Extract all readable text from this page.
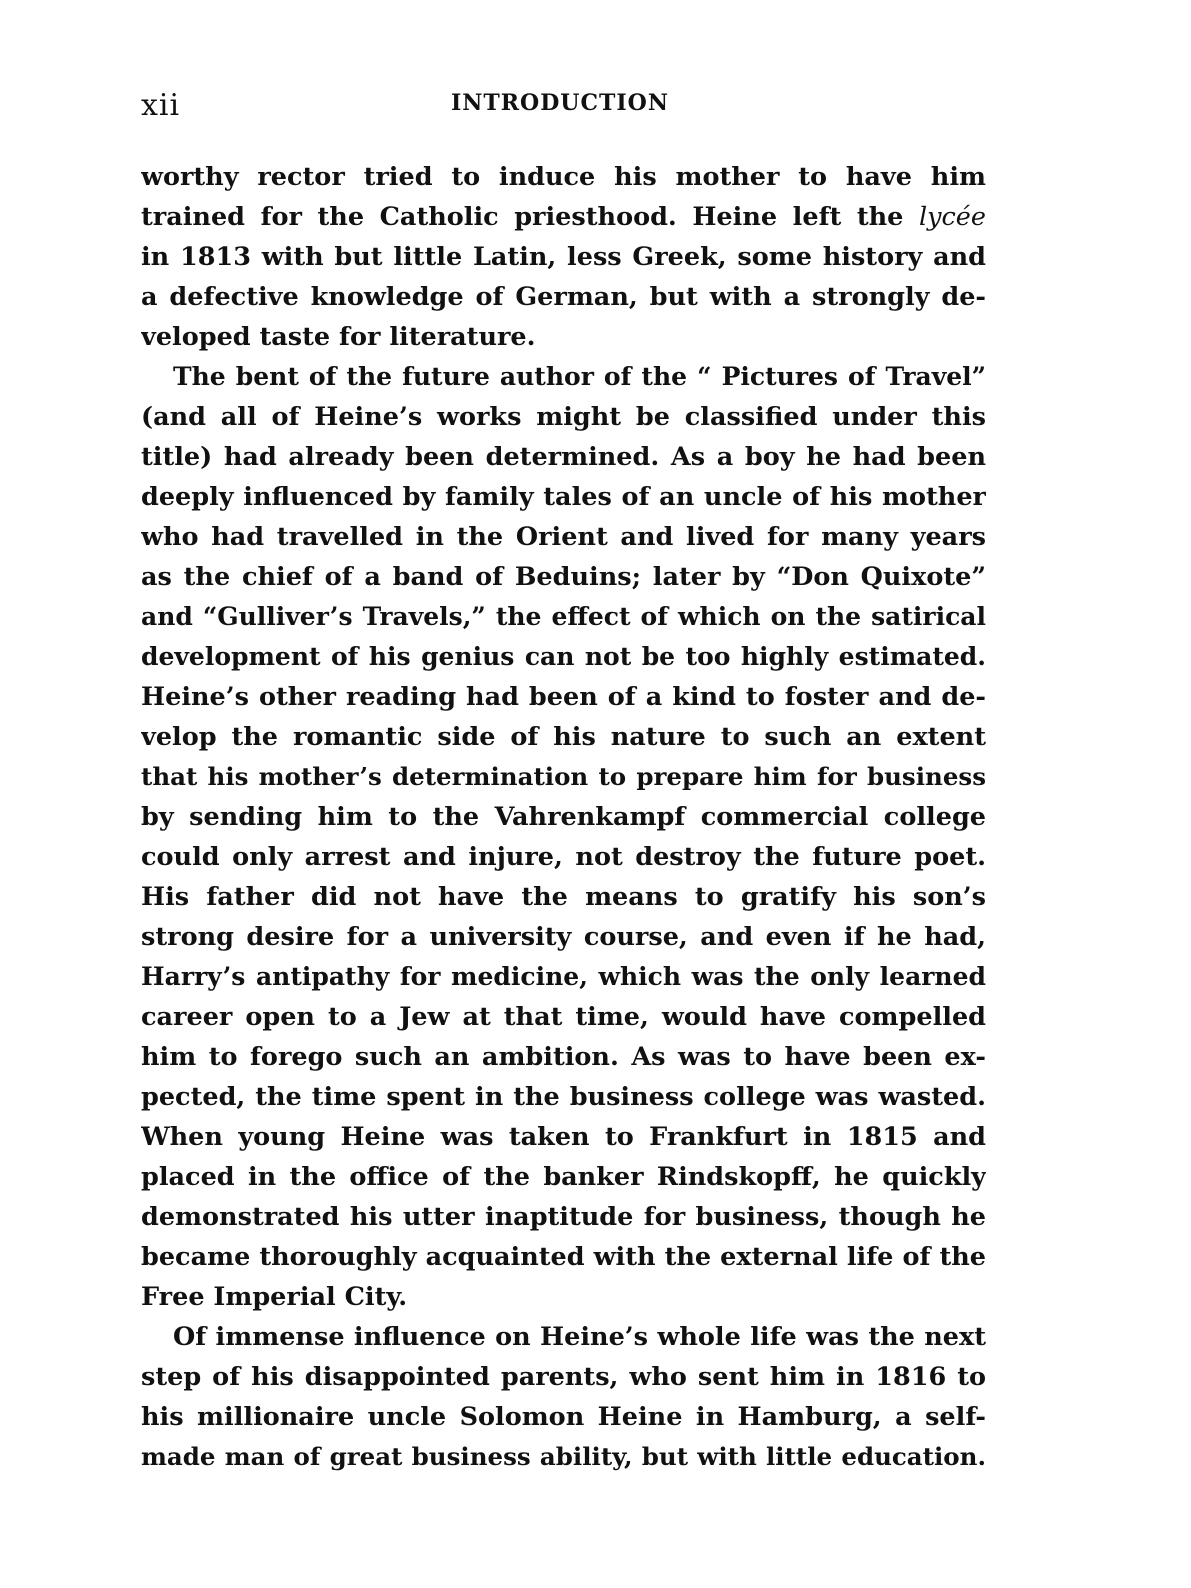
xii	INTRODUCTION
worthy rector tried to induce his mother to have him
trained for the Catholic priesthood. Heine left the lycée
in 1813 with but little Latin, less Greek, some history and
a defective knowledge of German, but with a strongly de-
veloped taste for literature.
The bent of the future author of the “ Pictures of Travel”
(and all of Heine’s works might be classified under this
title) had already been determined. As a boy he had been
deeply influenced by family tales of an uncle of his mother
who had travelled in the Orient and lived for many years
as the chief of a band of Beduins; later by “Don Quixote”
and “Gulliver’s Travels,” the effect of which on the satirical
development of his genius can not be too highly estimated.
Heine’s other reading had been of a kind to foster and de-
velop the romantic side of his nature to such an extent
that his mother’s determination to prepare him for business
by sending him to the Vahrenkampf commercial college
could only arrest and injure, not destroy the future poet.
His father did not have the means to gratify his son’s
strong desire for a university course, and even if he had,
Harry’s antipathy for medicine, which was the only learned
career open to a Jew at that time, would have compelled
him to forego such an ambition. As was to have been ex-
pected, the time spent in the business college was wasted.
When young Heine was taken to Frankfurt in 1815 and
placed in the office of the banker Rindskopff, he quickly
demonstrated his utter inaptitude for business, though he
became thoroughly acquainted with the external life of the
Free Imperial City.
Of immense influence on Heine’s whole life was the next
step of his disappointed parents, who sent him in 1816 to
his millionaire uncle Solomon Heine in Hamburg, a self-
made man of great business ability, but with little education.
